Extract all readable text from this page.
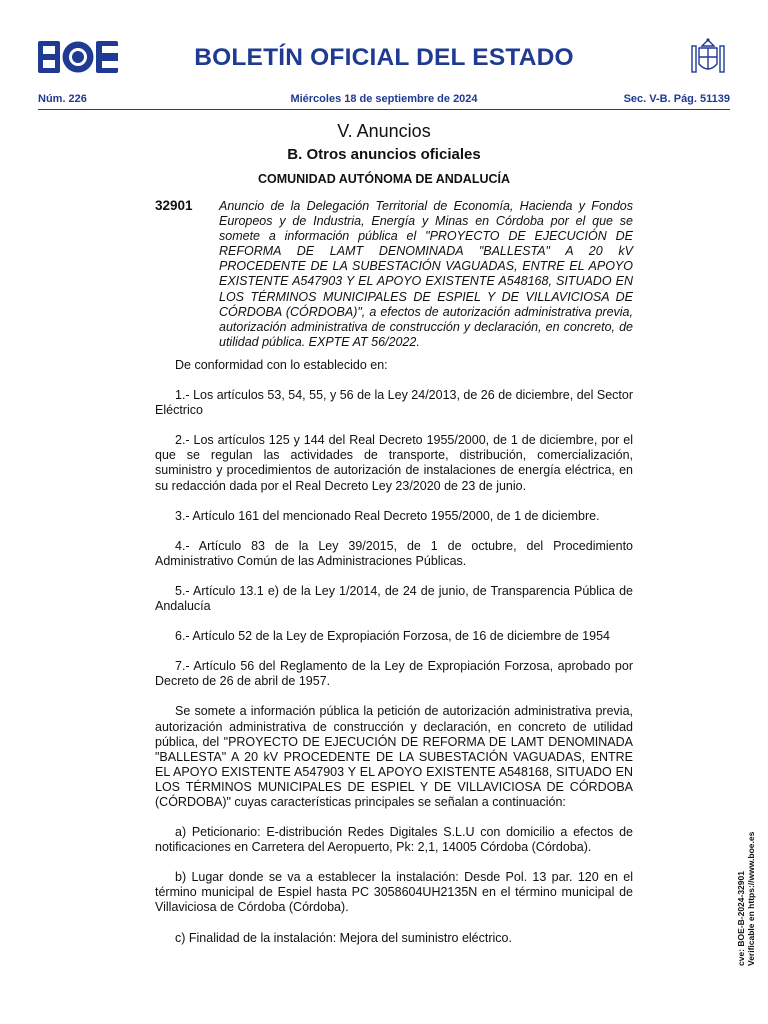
BOLETÍN OFICIAL DEL ESTADO
Núm. 226	Miércoles 18 de septiembre de 2024	Sec. V-B. Pág. 51139
V. Anuncios
B. Otros anuncios oficiales
COMUNIDAD AUTÓNOMA DE ANDALUCÍA
32901 Anuncio de la Delegación Territorial de Economía, Hacienda y Fondos Europeos y de Industria, Energía y Minas en Córdoba por el que se somete a información pública el "PROYECTO DE EJECUCIÓN DE REFORMA DE LAMT DENOMINADA "BALLESTA" A 20 kV PROCEDENTE DE LA SUBESTACIÓN VAGUADAS, ENTRE EL APOYO EXISTENTE A547903 Y EL APOYO EXISTENTE A548168, SITUADO EN LOS TÉRMINOS MUNICIPALES DE ESPIEL Y DE VILLAVICIOSA DE CÓRDOBA (CÓRDOBA)", a efectos de autorización administrativa previa, autorización administrativa de construcción y declaración, en concreto, de utilidad pública. EXPTE AT 56/2022.

De conformidad con lo establecido en:

1.- Los artículos 53, 54, 55, y 56 de la Ley 24/2013, de 26 de diciembre, del Sector Eléctrico

2.- Los artículos 125 y 144 del Real Decreto 1955/2000, de 1 de diciembre, por el que se regulan las actividades de transporte, distribución, comercialización, suministro y procedimientos de autorización de instalaciones de energía eléctrica, en su redacción dada por el Real Decreto Ley 23/2020 de 23 de junio.

3.- Artículo 161 del mencionado Real Decreto 1955/2000, de 1 de diciembre.

4.- Artículo 83 de la Ley 39/2015, de 1 de octubre, del Procedimiento Administrativo Común de las Administraciones Públicas.

5.- Artículo 13.1 e) de la Ley 1/2014, de 24 de junio, de Transparencia Pública de Andalucía

6.- Artículo 52 de la Ley de Expropiación Forzosa, de 16 de diciembre de 1954

7.- Artículo 56 del Reglamento de la Ley de Expropiación Forzosa, aprobado por Decreto de 26 de abril de 1957.

Se somete a información pública la petición de autorización administrativa previa, autorización administrativa de construcción y declaración, en concreto de utilidad pública, del "PROYECTO DE EJECUCIÓN DE REFORMA DE LAMT DENOMINADA "BALLESTA" A 20 kV PROCEDENTE DE LA SUBESTACIÓN VAGUADAS, ENTRE EL APOYO EXISTENTE A547903 Y EL APOYO EXISTENTE A548168, SITUADO EN LOS TÉRMINOS MUNICIPALES DE ESPIEL Y DE VILLAVICIOSA DE CÓRDOBA (CÓRDOBA)" cuyas características principales se señalan a continuación:

a) Peticionario: E-distribución Redes Digitales S.L.U con domicilio a efectos de notificaciones en Carretera del Aeropuerto, Pk: 2,1, 14005 Córdoba (Córdoba).

b) Lugar donde se va a establecer la instalación: Desde Pol. 13 par. 120 en el término municipal de Espiel hasta PC 3058604UH2135N en el término municipal de Villaviciosa de Córdoba (Córdoba).

c) Finalidad de la instalación: Mejora del suministro eléctrico.	cve: BOE-B-2024-32901 Verificable en https://www.boe.es
